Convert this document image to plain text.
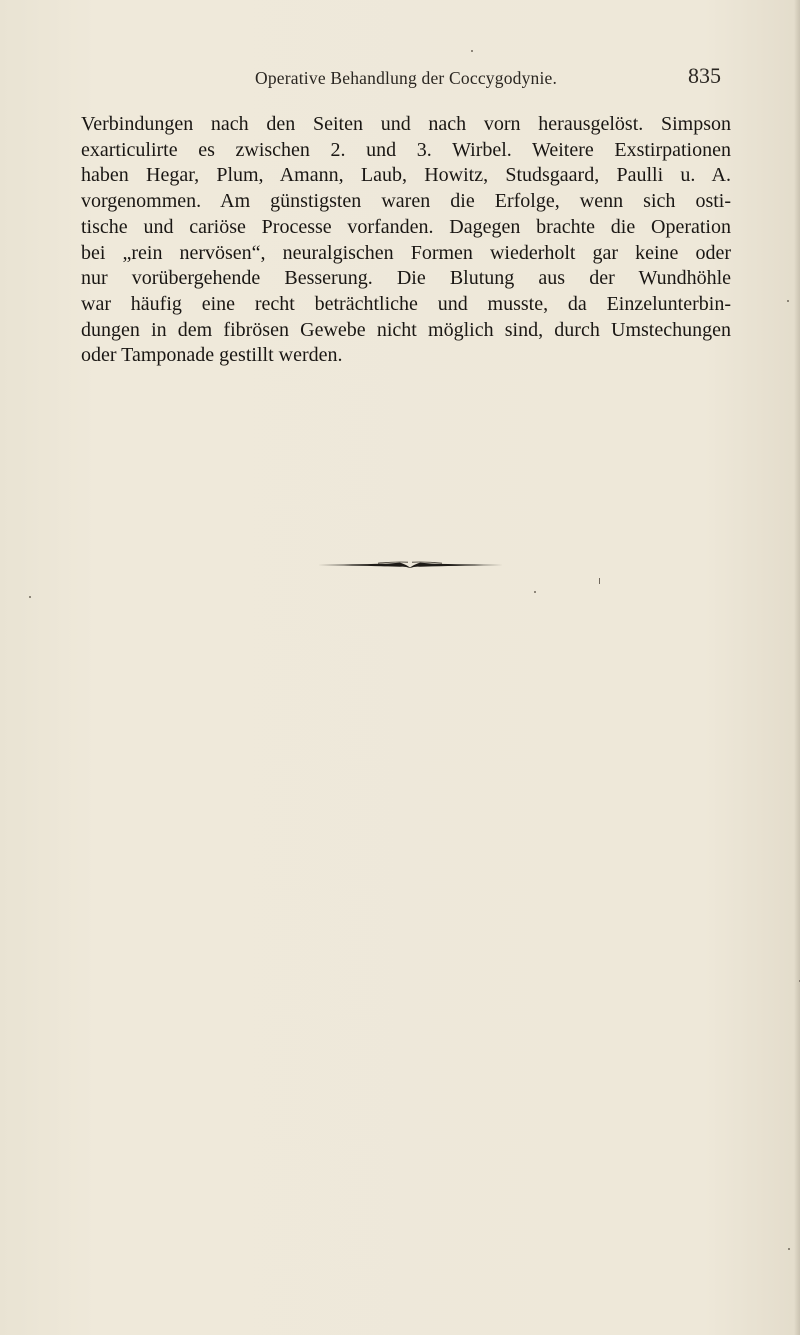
Operative Behandlung der Coccygodynie.	835
Verbindungen nach den Seiten und nach vorn herausgelöst. Simpson
exarticulirte es zwischen 2. und 3. Wirbel. Weitere Exstirpationen
haben Hegar, Plum, Amann, Laub, Howitz, Studsgaard, Paulli u. A.
vorgenommen. Am günstigsten waren die Erfolge, wenn sich osti-
tische und cariöse Processe vorfanden. Dagegen brachte die Operation
bei „rein nervösen“, neuralgischen Formen wiederholt gar keine oder
nur vorübergehende Besserung. Die Blutung aus der Wundhöhle
war häufig eine recht beträchtliche und musste, da Einzelunterbin-
dungen in dem fibrösen Gewebe nicht möglich sind, durch Umstechungen
oder Tamponade gestillt werden.
